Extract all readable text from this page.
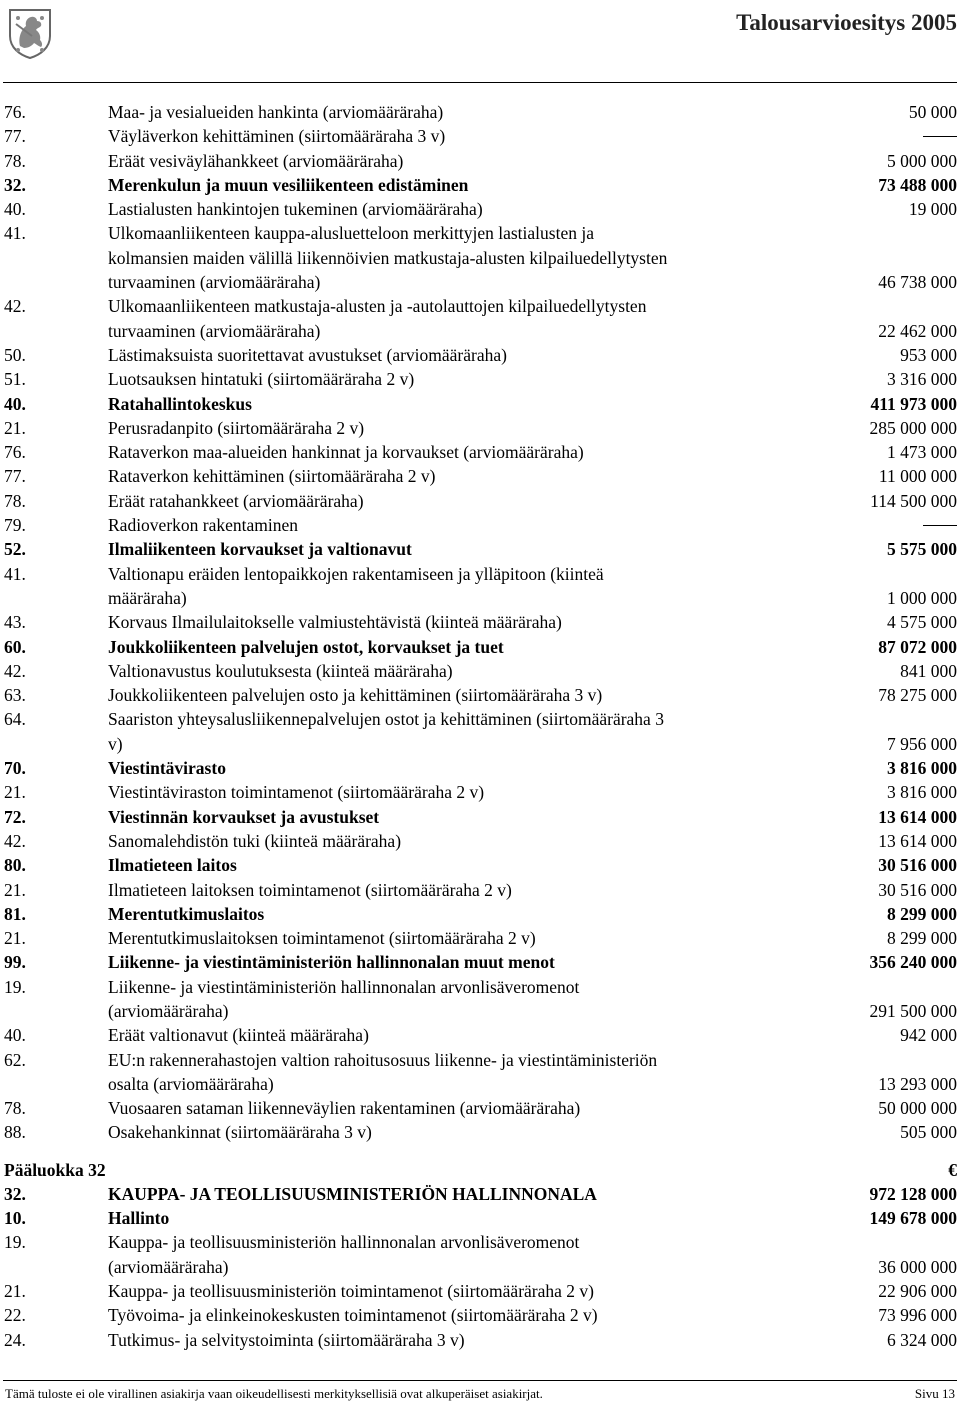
Talousarvioesitys 2005
76.	Maa- ja vesialueiden hankinta (arviomääräraha)	50 000
77.	Väyläverkon kehittäminen (siirtomääräraha 3 v)
78.	Eräät vesiväylähankkeet (arviomääräraha)	5 000 000
32.	Merenkulun ja muun vesiliikenteen edistäminen	73 488 000
40.	Lastialusten hankintojen tukeminen (arviomääräraha)	19 000
41.	Ulkomaanliikenteen kauppa-alusluetteloon merkittyjen lastialusten ja kolmansien maiden välillä liikennöivien matkustaja-alusten kilpailuedellytysten turvaaminen (arviomääräraha)	46 738 000
42.	Ulkomaanliikenteen matkustaja-alusten ja -autolauttojen kilpailuedellytysten turvaaminen (arviomääräraha)	22 462 000
50.	Lästimaksuista suoritettavat avustukset (arviomääräraha)	953 000
51.	Luotsauksen hintatuki (siirtomääräraha 2 v)	3 316 000
40.	Ratahallintokeskus	411 973 000
21.	Perusradanpito (siirtomääräraha 2 v)	285 000 000
76.	Rataverkon maa-alueiden hankinnat ja korvaukset (arviomääräraha)	1 473 000
77.	Rataverkon kehittäminen (siirtomääräraha 2 v)	11 000 000
78.	Eräät ratahankkeet (arviomääräraha)	114 500 000
79.	Radioverkon rakentaminen
52.	Ilmaliikenteen korvaukset ja valtionavut	5 575 000
41.	Valtionapu eräiden lentopaikkojen rakentamiseen ja ylläpitoon (kiinteä määräraha)	1 000 000
43.	Korvaus Ilmailulaitokselle valmiustehtävistä (kiinteä määräraha)	4 575 000
60.	Joukkoliikenteen palvelujen ostot, korvaukset ja tuet	87 072 000
42.	Valtionavustus koulutuksesta (kiinteä määräraha)	841 000
63.	Joukkoliikenteen palvelujen osto ja kehittäminen (siirtomääräraha 3 v)	78 275 000
64.	Saariston yhteysalusliikennepalvelujen ostot ja kehittäminen (siirtomääräraha 3 v)	7 956 000
70.	Viestintävirasto	3 816 000
21.	Viestintäviraston toimintamenot (siirtomääräraha 2 v)	3 816 000
72.	Viestinnän korvaukset ja avustukset	13 614 000
42.	Sanomalehdistön tuki (kiinteä määräraha)	13 614 000
80.	Ilmatieteen laitos	30 516 000
21.	Ilmatieteen laitoksen toimintamenot (siirtomääräraha 2 v)	30 516 000
81.	Merentutkimuslaitos	8 299 000
21.	Merentutkimuslaitoksen toimintamenot (siirtomääräraha 2 v)	8 299 000
99.	Liikenne- ja viestintäministeriön hallinnonalan muut menot	356 240 000
19.	Liikenne- ja viestintäministeriön hallinnonalan arvonlisäveromenot (arviomääräraha)	291 500 000
40.	Eräät valtionavut (kiinteä määräraha)	942 000
62.	EU:n rakennerahastojen valtion rahoitusosuus liikenne- ja viestintäministeriön osalta (arviomääräraha)	13 293 000
78.	Vuosaaren sataman liikenneväylien rakentaminen (arviomääräraha)	50 000 000
88.	Osakehankinnat (siirtomääräraha 3 v)	505 000
Pääluokka 32	€
32.	KAUPPA- JA TEOLLISUUSMINISTERIÖN HALLINNONALA	972 128 000
10.	Hallinto	149 678 000
19.	Kauppa- ja teollisuusministeriön hallinnonalan arvonlisäveromenot (arviomääräraha)	36 000 000
21.	Kauppa- ja teollisuusministeriön toimintamenot (siirtomääräraha 2 v)	22 906 000
22.	Työvoima- ja elinkeinokeskusten toimintamenot (siirtomääräraha 2 v)	73 996 000
24.	Tutkimus- ja selvitystoiminta (siirtomääräraha 3 v)	6 324 000
Tämä tuloste ei ole virallinen asiakirja vaan oikeudellisesti merkityksellisiä ovat alkuperäiset asiakirjat.	Sivu 13
